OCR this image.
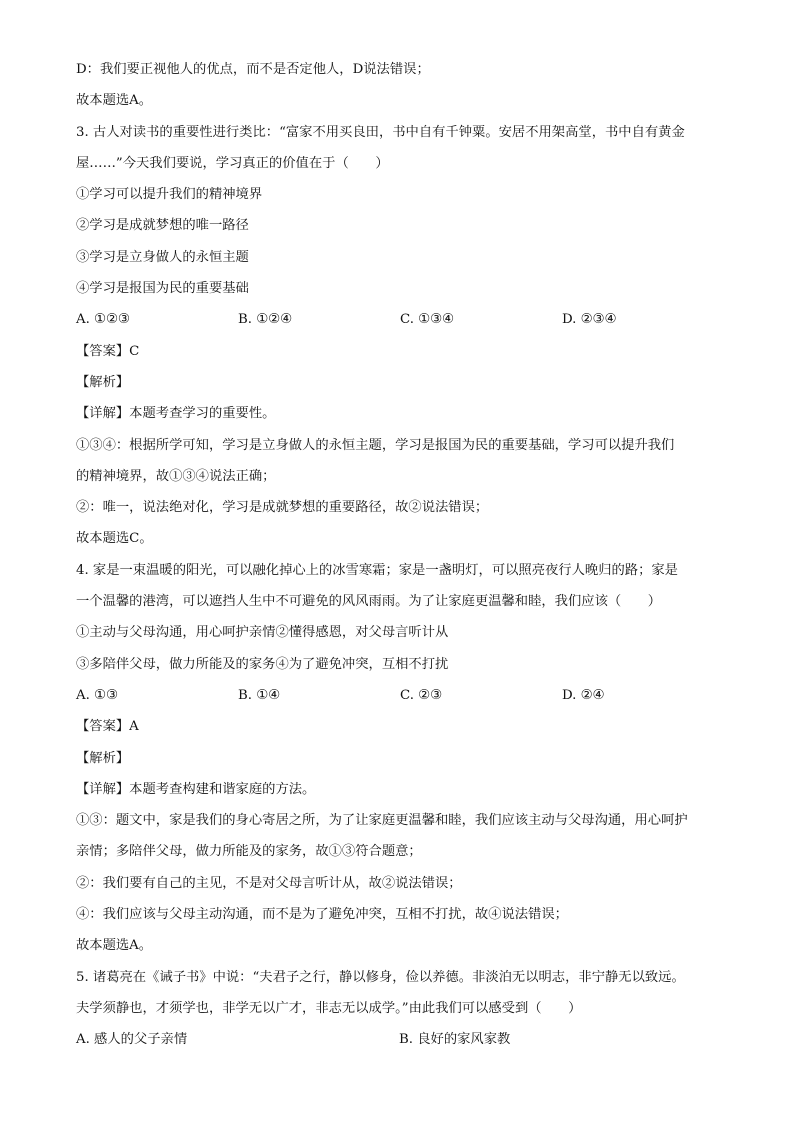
D：我们要正视他人的优点，而不是否定他人，D说法错误；
故本题选A。
3. 古人对读书的重要性进行类比：“富家不用买良田，书中自有千钟粟。安居不用架高堂，书中自有黄金
屋……”今天我们要说，学习真正的价值在于（　　）
①学习可以提升我们的精神境界
②学习是成就梦想的唯一路径
③学习是立身做人的永恒主题
④学习是报国为民的重要基础
A. ①②③	B. ①②④	C. ①③④	D. ②③④
【答案】C
【解析】
【详解】本题考查学习的重要性。
①③④：根据所学可知，学习是立身做人的永恒主题，学习是报国为民的重要基础，学习可以提升我们
的精神境界，故①③④说法正确；
②：唯一，说法绝对化，学习是成就梦想的重要路径，故②说法错误；
故本题选C。
4. 家是一束温暖的阳光，可以融化掉心上的冰雪寒霜；家是一盏明灯，可以照亮夜行人晚归的路；家是
一个温馨的港湾，可以遮挡人生中不可避免的风风雨雨。为了让家庭更温馨和睦，我们应该（　　）
①主动与父母沟通，用心呵护亲情②懂得感恩，对父母言听计从
③多陪伴父母，做力所能及的家务④为了避免冲突，互相不打扰
A. ①③	B. ①④	C. ②③	D. ②④
【答案】A
【解析】
【详解】本题考查构建和谐家庭的方法。
①③：题文中，家是我们的身心寄居之所，为了让家庭更温馨和睦，我们应该主动与父母沟通，用心呵护
亲情；多陪伴父母，做力所能及的家务，故①③符合题意；
②：我们要有自己的主见，不是对父母言听计从，故②说法错误；
④：我们应该与父母主动沟通，而不是为了避免冲突，互相不打扰，故④说法错误；
故本题选A。
5. 诸葛亮在《诫子书》中说：“夫君子之行，静以修身，俭以养德。非淡泊无以明志，非宁静无以致远。
夫学须静也，才须学也，非学无以广才，非志无以成学。”由此我们可以感受到（　　）
A. 感人的父子亲情	B. 良好的家风家教
